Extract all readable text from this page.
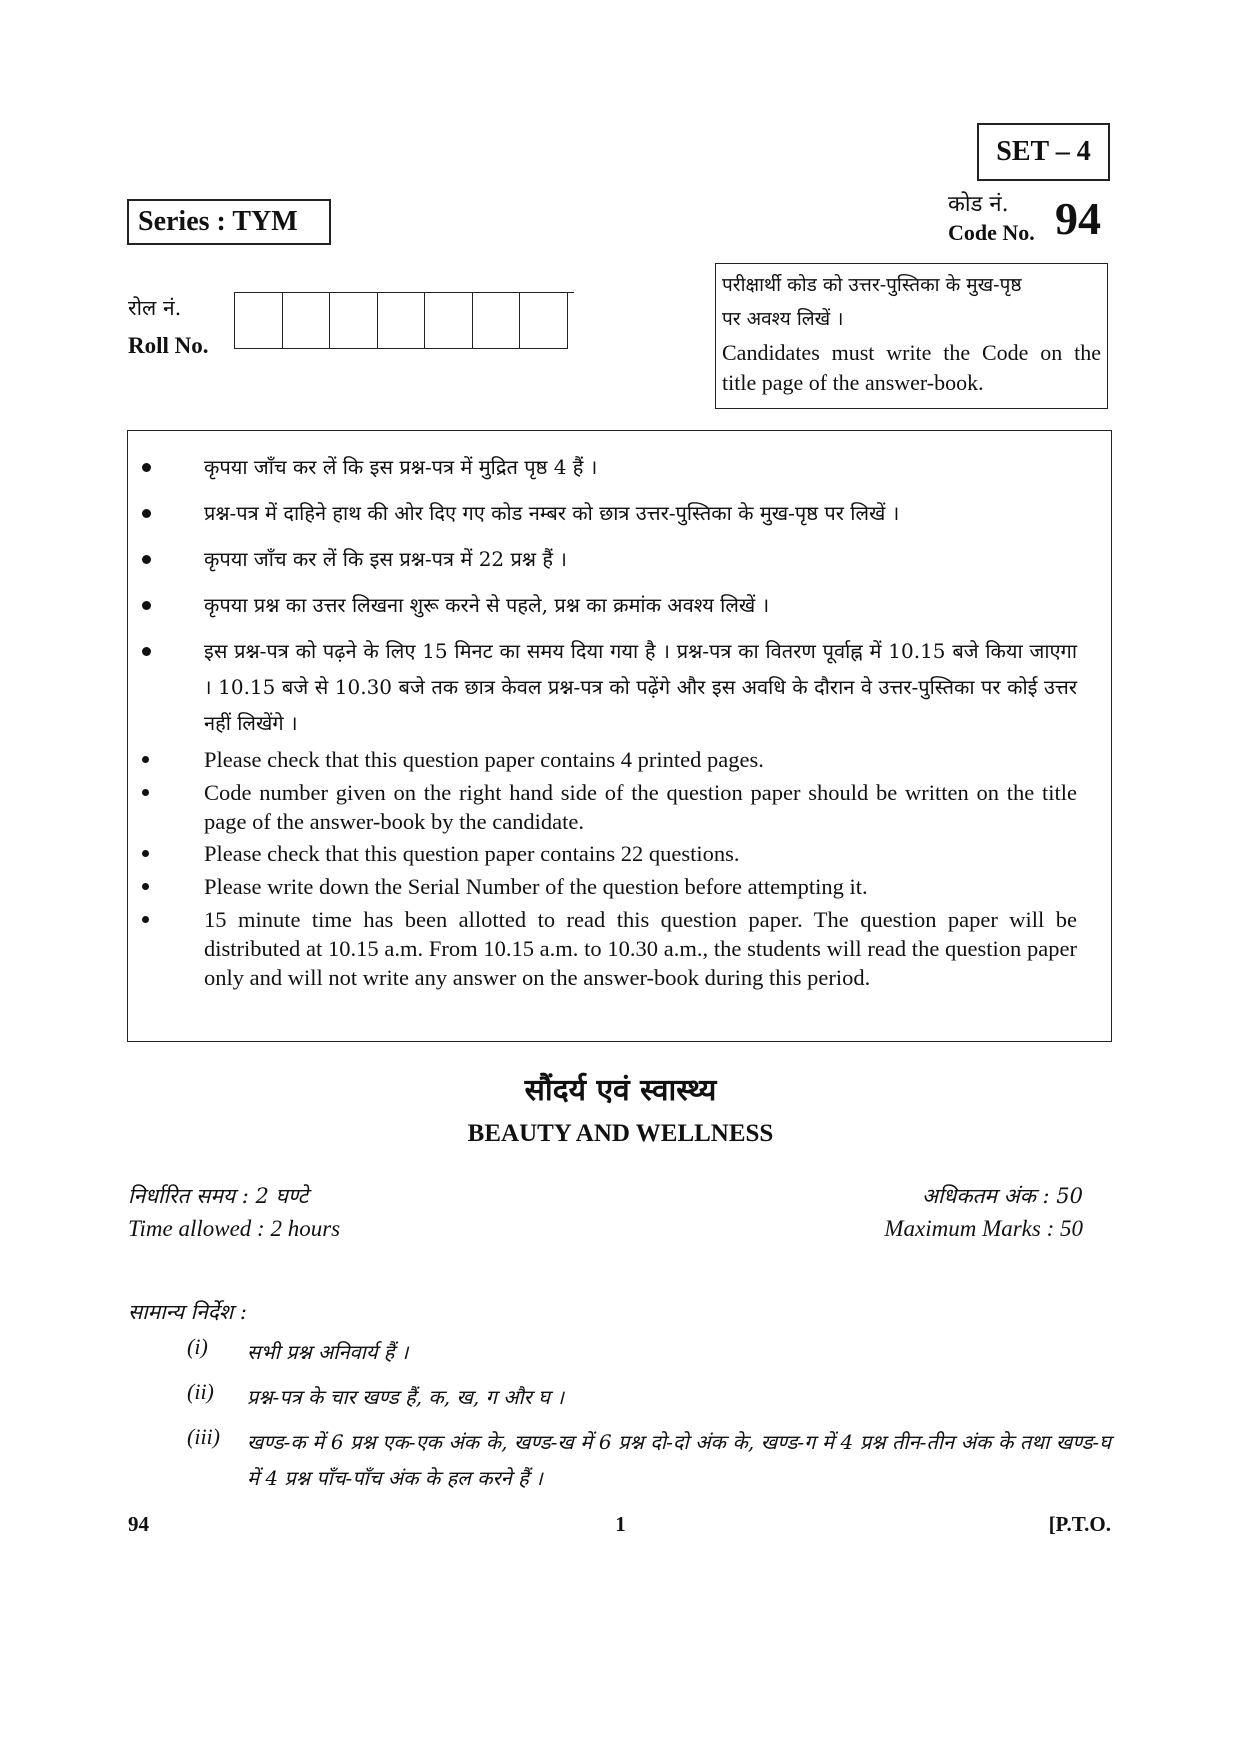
SET – 4
Series : TYM
कोड नं.
Code No. 94
रोल नं.
Roll No.
परीक्षार्थी कोड को उत्तर-पुस्तिका के मुख-पृष्ठ
पर अवश्य लिखें ।
Candidates must write the Code on the title page of the answer-book.
कृपया जाँच कर लें कि इस प्रश्न-पत्र में मुद्रित पृष्ठ 4 हैं ।
प्रश्न-पत्र में दाहिने हाथ की ओर दिए गए कोड नम्बर को छात्र उत्तर-पुस्तिका के मुख-पृष्ठ पर लिखें ।
कृपया जाँच कर लें कि इस प्रश्न-पत्र में 22 प्रश्न हैं ।
कृपया प्रश्न का उत्तर लिखना शुरू करने से पहले, प्रश्न का क्रमांक अवश्य लिखें ।
इस प्रश्न-पत्र को पढ़ने के लिए 15 मिनट का समय दिया गया है । प्रश्न-पत्र का वितरण पूर्वाह्न में 10.15 बजे किया जाएगा । 10.15 बजे से 10.30 बजे तक छात्र केवल प्रश्न-पत्र को पढ़ेंगे और इस अवधि के दौरान वे उत्तर-पुस्तिका पर कोई उत्तर नहीं लिखेंगे ।
Please check that this question paper contains 4 printed pages.
Code number given on the right hand side of the question paper should be written on the title page of the answer-book by the candidate.
Please check that this question paper contains 22 questions.
Please write down the Serial Number of the question before attempting it.
15 minute time has been allotted to read this question paper. The question paper will be distributed at 10.15 a.m. From 10.15 a.m. to 10.30 a.m., the students will read the question paper only and will not write any answer on the answer-book during this period.
सौंदर्य एवं स्वास्थ्य
BEAUTY AND WELLNESS
निर्धारित समय : 2 घण्टे
Time allowed : 2 hours
अधिकतम अंक : 50
Maximum Marks : 50
सामान्य निर्देश :
(i)	सभी प्रश्न अनिवार्य हैं ।
(ii)	प्रश्न-पत्र के चार खण्ड हैं, क, ख, ग और घ ।
(iii)	खण्ड-क में 6 प्रश्न एक-एक अंक के, खण्ड-ख में 6 प्रश्न दो-दो अंक के, खण्ड-ग में 4 प्रश्न तीन-तीन अंक के तथा खण्ड-घ में 4 प्रश्न पाँच-पाँच अंक के हल करने हैं ।
94	1	[P.T.O.
